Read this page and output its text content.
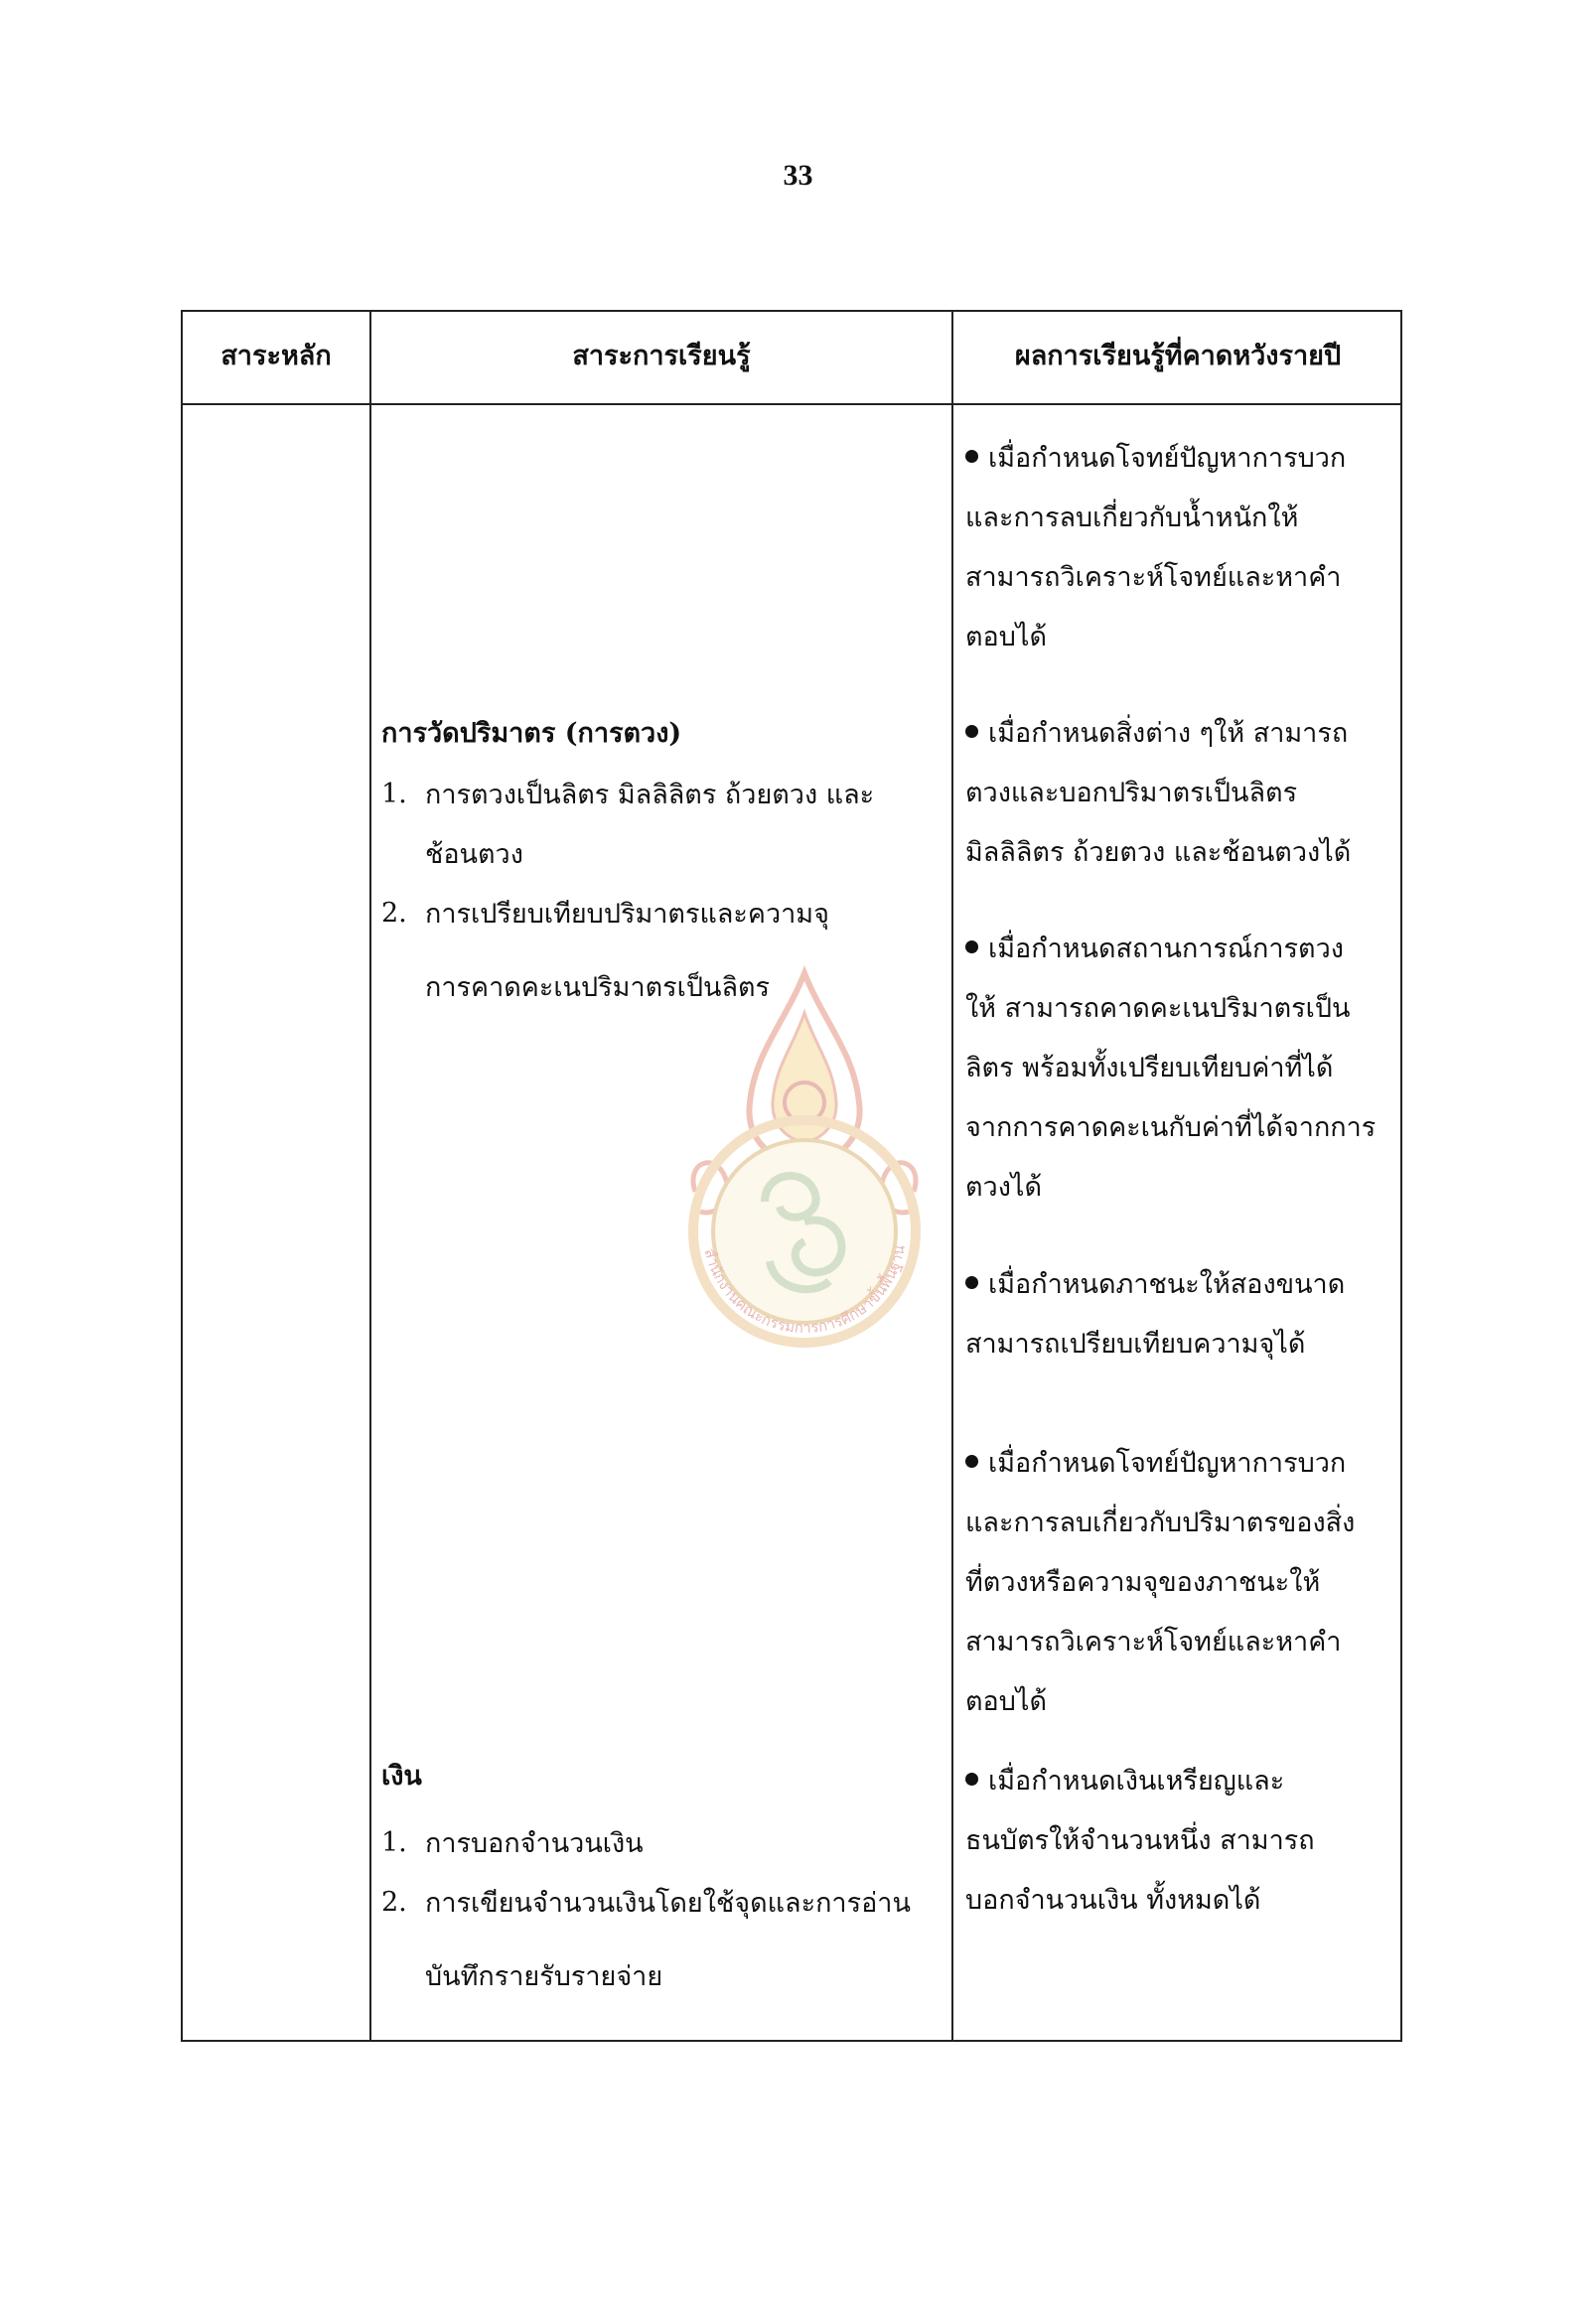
33
สาระหลัก	สาระการเรียนรู้	ผลการเรียนรู้ที่คาดหวังรายปี
การวัดปริมาตร (การตวง)
1. การตวงเป็นลิตร มิลลิลิตร ถ้วยตวง และ
ช้อนตวง
2. การเปรียบเทียบปริมาตรและความจุ
การคาดคะเนปริมาตรเป็นลิตร
เงิน
1. การบอกจำนวนเงิน
2. การเขียนจำนวนเงินโดยใช้จุดและการอ่าน
บันทึกรายรับรายจ่าย
เมื่อกำหนดโจทย์ปัญหาการบวก
และการลบเกี่ยวกับน้ำหนักให้
สามารถวิเคราะห์โจทย์และหาคำ
ตอบได้
เมื่อกำหนดสิ่งต่าง ๆให้ สามารถ
ตวงและบอกปริมาตรเป็นลิตร
มิลลิลิตร ถ้วยตวง และช้อนตวงได้
เมื่อกำหนดสถานการณ์การตวง
ให้ สามารถคาดคะเนปริมาตรเป็น
ลิตร พร้อมทั้งเปรียบเทียบค่าที่ได้
จากการคาดคะเนกับค่าที่ได้จากการ
ตวงได้
เมื่อกำหนดภาชนะให้สองขนาด
สามารถเปรียบเทียบความจุได้
เมื่อกำหนดโจทย์ปัญหาการบวก
และการลบเกี่ยวกับปริมาตรของสิ่ง
ที่ตวงหรือความจุของภาชนะให้
สามารถวิเคราะห์โจทย์และหาคำ
ตอบได้
เมื่อกำหนดเงินเหรียญและ
ธนบัตรให้จำนวนหนึ่ง สามารถ
บอกจำนวนเงิน ทั้งหมดได้
สำนักงานคณะกรรมการการศึกษาขั้นพื้นฐาน
